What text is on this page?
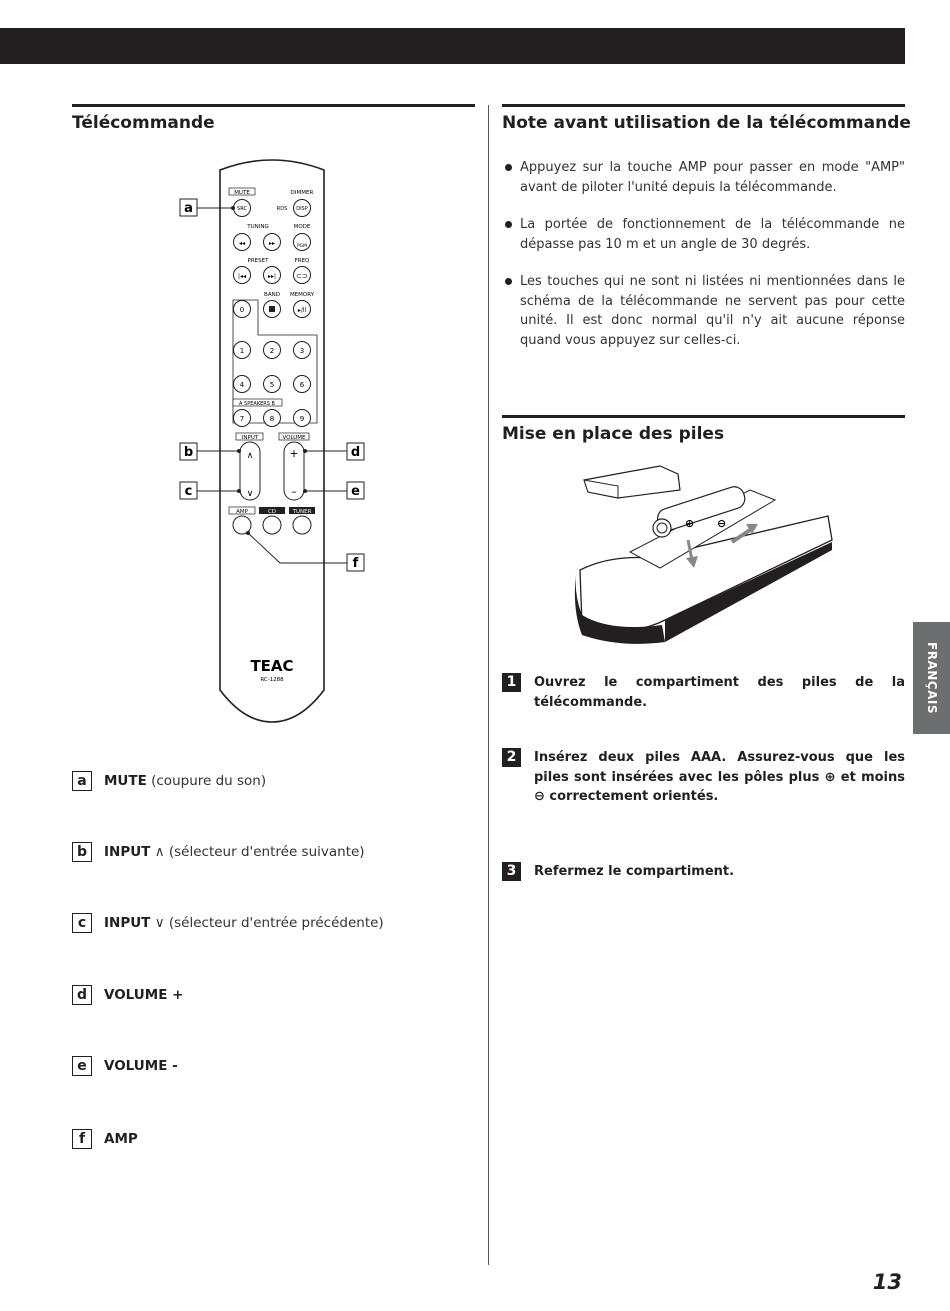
Télécommande
MUTE	DIMMER
SRC	RDS DISP
TUNING	MODE
◂◂	▸▸	PGM
PRESET	FREQ
|◂◂	▸▸|	⊂⊃
BAND MEMORY
0	▸/ll
1	2	3
4	5	6
A SPEAKERS B
7	8	9
INPUT	VOLUME
∧
∨
+
–
AMP	CD	TUNER
TEAC
RC-1288
a
b
c
d
e
f
a	MUTE (coupure du son)
b	INPUT ∧ (sélecteur d'entrée suivante)
c	INPUT ∨ (sélecteur d'entrée précédente)
d	VOLUME +
e	VOLUME -
f	AMP
Note avant utilisation de la télécommande
Appuyez sur la touche AMP pour passer en mode "AMP" avant de piloter l'unité depuis la télécommande.
La portée de fonctionnement de la télécommande ne dépasse pas 10 m et un angle de 30 degrés.
Les touches qui ne sont ni listées ni mentionnées dans le schéma de la télécommande ne servent pas pour cette unité. Il est donc normal qu'il n'y ait aucune réponse quand vous appuyez sur celles-ci.
Mise en place des piles
⊕ ⊖
1	Ouvrez le compartiment des piles de la télécommande.
2	Insérez deux piles AAA. Assurez-vous que les piles sont insérées avec les pôles plus ⊕ et moins ⊖ correctement orientés.
3	Refermez le compartiment.
FRANÇAIS
13
